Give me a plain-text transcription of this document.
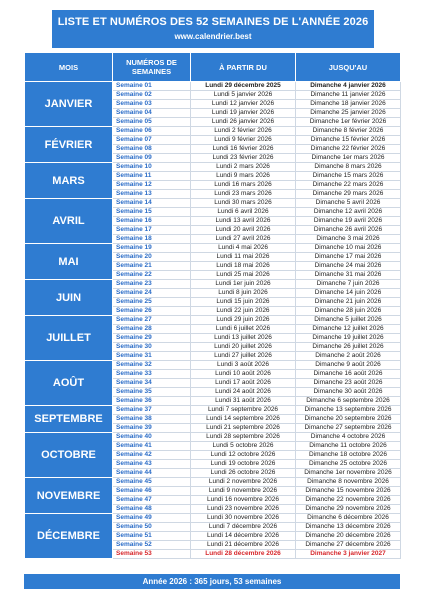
LISTE ET NUMÉROS DES 52 SEMAINES DE L'ANNÉE 2026
www.calendrier.best
MOIS	NUMÉROS DE SEMAINES	À PARTIR DU	JUSQU'AU
JANVIER	Semaine 01	Lundi 29 décembre 2025	Dimanche 4 janvier 2026
	Semaine 02	Lundi 5 janvier 2026	Dimanche 11 janvier 2026
	Semaine 03	Lundi 12 janvier 2026	Dimanche 18 janvier 2026
	Semaine 04	Lundi 19 janvier 2026	Dimanche 25 janvier 2026
	Semaine 05	Lundi 26 janvier 2026	Dimanche 1er février 2026
FÉVRIER	Semaine 06	Lundi 2 février 2026	Dimanche 8 février 2026
	Semaine 07	Lundi 9 février 2026	Dimanche 15 février 2026
	Semaine 08	Lundi 16 février 2026	Dimanche 22 février 2026
	Semaine 09	Lundi 23 février 2026	Dimanche 1er mars 2026
MARS	Semaine 10	Lundi 2 mars 2026	Dimanche 8 mars 2026
	Semaine 11	Lundi 9 mars 2026	Dimanche 15 mars 2026
	Semaine 12	Lundi 16 mars 2026	Dimanche 22 mars 2026
	Semaine 13	Lundi 23 mars 2026	Dimanche 29 mars 2026
AVRIL	Semaine 14	Lundi 30 mars 2026	Dimanche 5 avril 2026
	Semaine 15	Lundi 6 avril 2026	Dimanche 12 avril 2026
	Semaine 16	Lundi 13 avril 2026	Dimanche 19 avril 2026
	Semaine 17	Lundi 20 avril 2026	Dimanche 26 avril 2026
	Semaine 18	Lundi 27 avril 2026	Dimanche 3 mai 2026
MAI	Semaine 19	Lundi 4 mai 2026	Dimanche 10 mai 2026
	Semaine 20	Lundi 11 mai 2026	Dimanche 17 mai 2026
	Semaine 21	Lundi 18 mai 2026	Dimanche 24 mai 2026
	Semaine 22	Lundi 25 mai 2026	Dimanche 31 mai 2026
JUIN	Semaine 23	Lundi 1er juin 2026	Dimanche 7 juin 2026
	Semaine 24	Lundi 8 juin 2026	Dimanche 14 juin 2026
	Semaine 25	Lundi 15 juin 2026	Dimanche 21 juin 2026
	Semaine 26	Lundi 22 juin 2026	Dimanche 28 juin 2026
JUILLET	Semaine 27	Lundi 29 juin 2026	Dimanche 5 juillet 2026
	Semaine 28	Lundi 6 juillet 2026	Dimanche 12 juillet 2026
	Semaine 29	Lundi 13 juillet 2026	Dimanche 19 juillet 2026
	Semaine 30	Lundi 20 juillet 2026	Dimanche 26 juillet 2026
	Semaine 31	Lundi 27 juillet 2026	Dimanche 2 août 2026
AOÛT	Semaine 32	Lundi 3 août 2026	Dimanche 9 août 2026
	Semaine 33	Lundi 10 août 2026	Dimanche 16 août 2026
	Semaine 34	Lundi 17 août 2026	Dimanche 23 août 2026
	Semaine 35	Lundi 24 août 2026	Dimanche 30 août 2026
	Semaine 36	Lundi 31 août 2026	Dimanche 6 septembre 2026
SEPTEMBRE	Semaine 37	Lundi 7 septembre 2026	Dimanche 13 septembre 2026
	Semaine 38	Lundi 14 septembre 2026	Dimanche 20 septembre 2026
	Semaine 39	Lundi 21 septembre 2026	Dimanche 27 septembre 2026
OCTOBRE	Semaine 40	Lundi 28 septembre 2026	Dimanche 4 octobre 2026
	Semaine 41	Lundi 5 octobre 2026	Dimanche 11 octobre 2026
	Semaine 42	Lundi 12 octobre 2026	Dimanche 18 octobre 2026
	Semaine 43	Lundi 19 octobre 2026	Dimanche 25 octobre 2026
	Semaine 44	Lundi 26 octobre 2026	Dimanche 1er novembre 2026
NOVEMBRE	Semaine 45	Lundi 2 novembre 2026	Dimanche 8 novembre 2026
	Semaine 46	Lundi 9 novembre 2026	Dimanche 15 novembre 2026
	Semaine 47	Lundi 16 novembre 2026	Dimanche 22 novembre 2026
	Semaine 48	Lundi 23 novembre 2026	Dimanche 29 novembre 2026
DÉCEMBRE	Semaine 49	Lundi 30 novembre 2026	Dimanche 6 décembre 2026
	Semaine 50	Lundi 7 décembre 2026	Dimanche 13 décembre 2026
	Semaine 51	Lundi 14 décembre 2026	Dimanche 20 décembre 2026
	Semaine 52	Lundi 21 décembre 2026	Dimanche 27 décembre 2026
	Semaine 53	Lundi 28 décembre 2026	Dimanche 3 janvier 2027
Année 2026 : 365 jours, 53 semaines
